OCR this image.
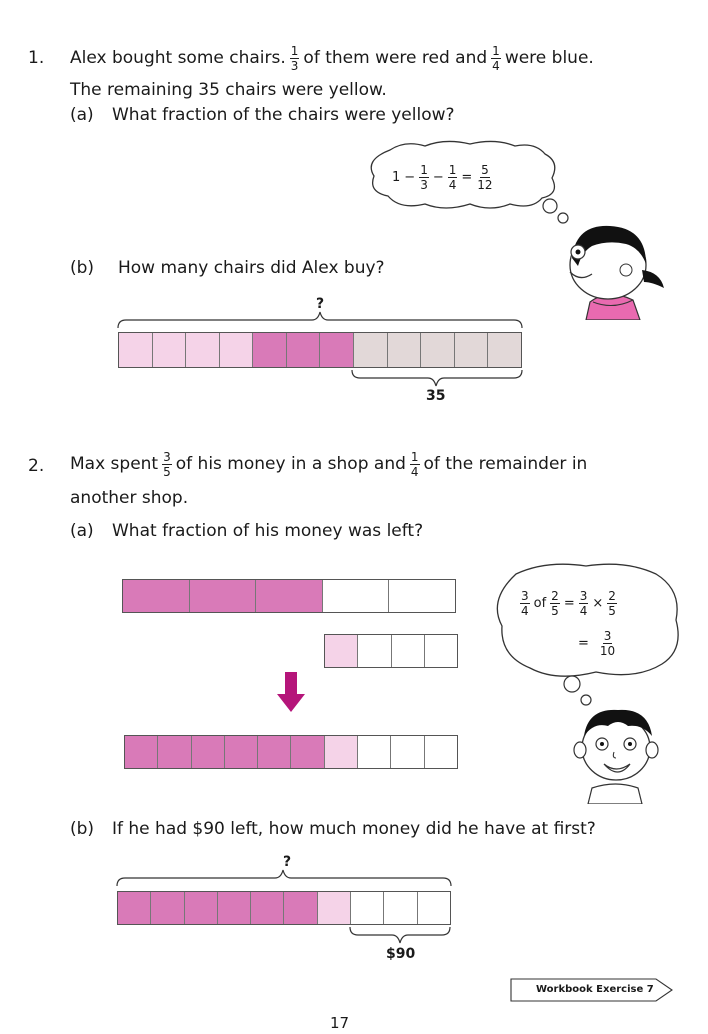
1. Alex bought some chairs. $\frac{1}{3}$ of them were red and $\frac{1}{4}$ were blue.
The remaining 35 chairs were yellow.
(a) What fraction of the chairs were yellow?
$1 - \frac{1}{3} - \frac{1}{4} = \frac{5}{12}$
(b) How many chairs did Alex buy?
?
35
2. Max spent $\frac{3}{5}$ of his money in a shop and $\frac{1}{4}$ of the remainder in
another shop.
(a) What fraction of his money was left?
$\frac{3}{4}$ of $\frac{2}{5} = \frac{3}{4} \times \frac{2}{5}$
= $\frac{3}{10}$
(b) If he had $90 left, how much money did he have at first?
?
$90
Workbook Exercise 7
17
